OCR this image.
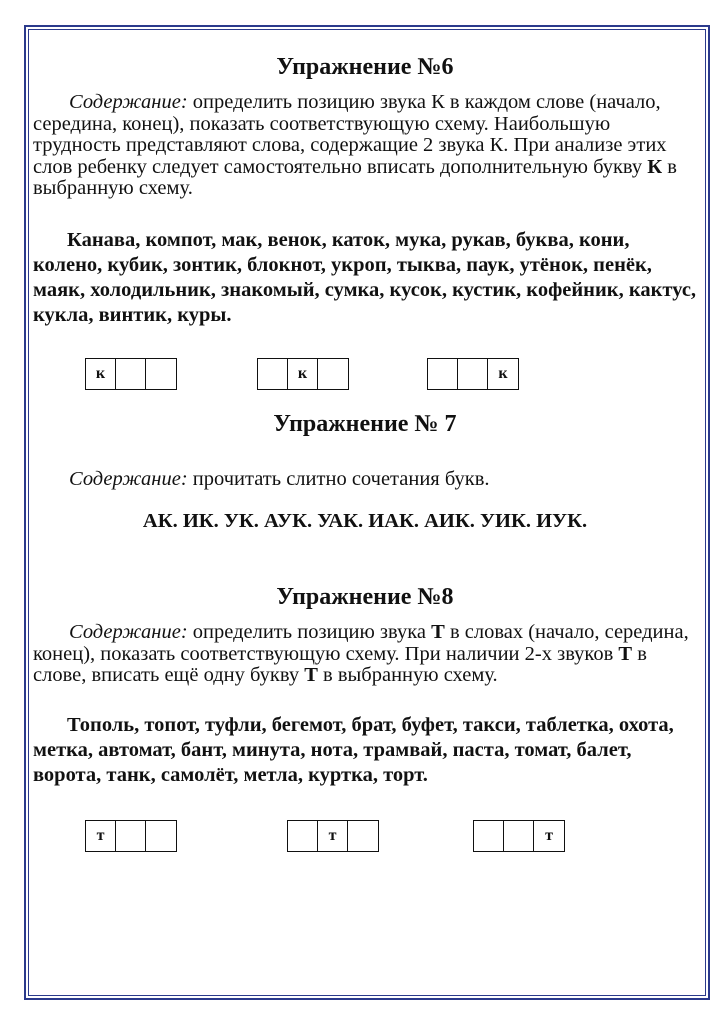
Упражнение №6

Содержание: определить позицию звука К в каждом слове (начало, середина, конец), показать соответствующую схему. Наибольшую трудность представляют слова, содержащие 2 звука К. При анализе этих слов ребенку следует самостоятельно вписать дополнительную букву К в выбранную схему.

Канава, компот, мак, венок, каток, мука, рукав, буква, кони, колено, кубик, зонтик, блокнот, укроп, тыква, паук, утёнок, пенёк, маяк, холодильник, знакомый, сумка, кусок, кустик, кофейник, кактус, кукла, винтик, куры.

к	к	к
Упражнение № 7

Содержание: прочитать слитно сочетания букв.

АК. ИК. УК. АУК. УАК. ИАК. АИК. УИК. ИУК.

Упражнение №8

Содержание: определить позицию звука Т в словах (начало, середина, конец), показать соответствующую схему. При наличии 2-х звуков Т в слове, вписать ещё одну букву Т в выбранную схему.

Тополь, топот, туфли, бегемот, брат, буфет, такси, таблетка, охота, метка, автомат, бант, минута, нота, трамвай, паста, томат, балет, ворота, танк, самолёт, метла, куртка, торт.

т	т	т
